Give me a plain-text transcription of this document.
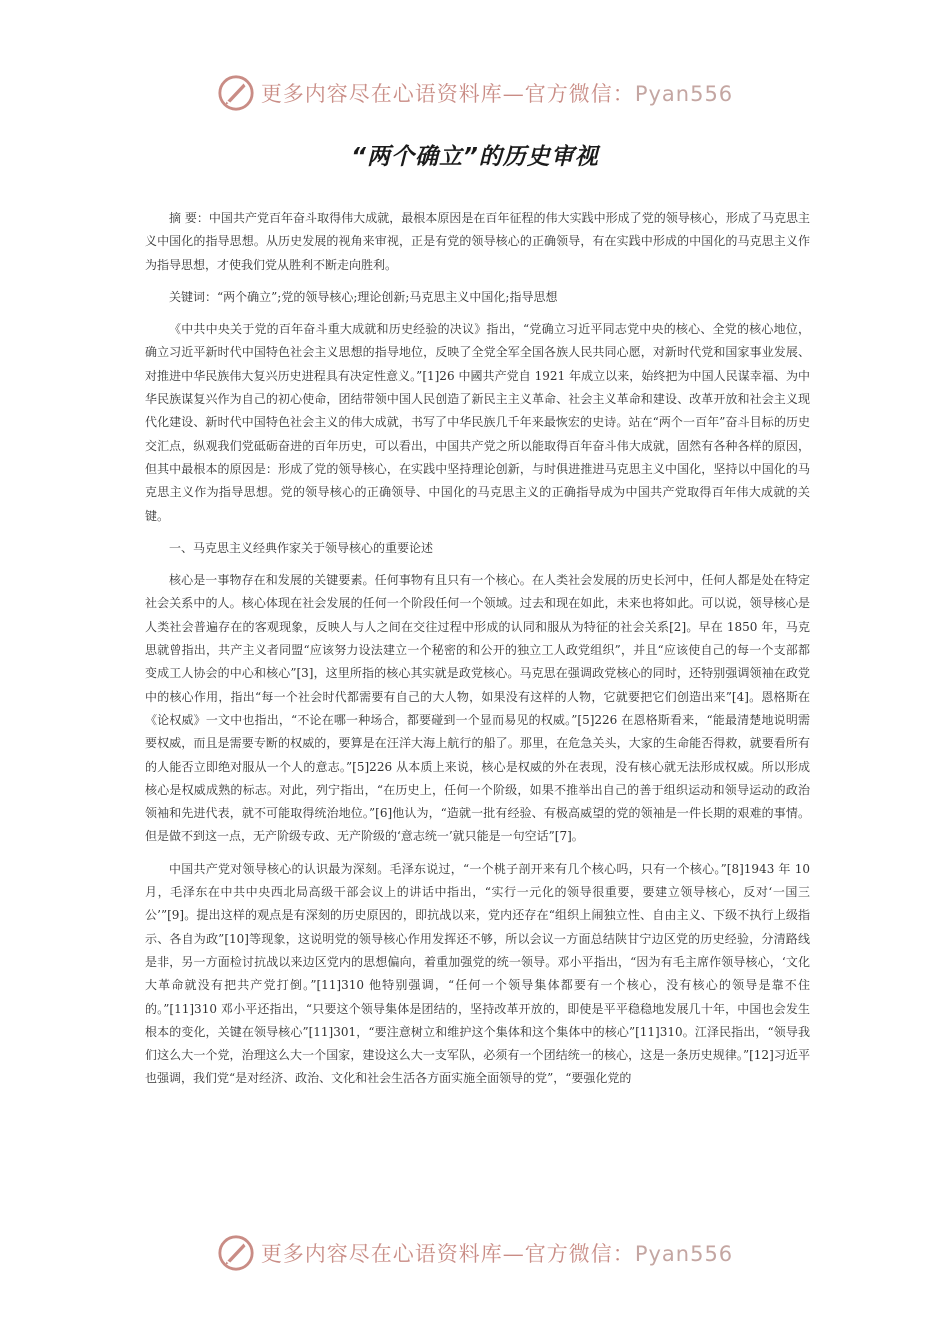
更多内容尽在心语资料库—官方微信：Pyan556
“两个确立”的历史审视

摘 要：中国共产党百年奋斗取得伟大成就，最根本原因是在百年征程的伟大实践中形成了党的领导核心，形成了马克思主义中国化的指导思想。从历史发展的视角来审视，正是有党的领导核心的正确领导，有在实践中形成的中国化的马克思主义作为指导思想，才使我们党从胜利不断走向胜利。

关键词：“两个确立”;党的领导核心;理论创新;马克思主义中国化;指导思想

《中共中央关于党的百年奋斗重大成就和历史经验的决议》指出，“党确立习近平同志党中央的核心、全党的核心地位，确立习近平新时代中国特色社会主义思想的指导地位，反映了全党全军全国各族人民共同心愿，对新时代党和国家事业发展、对推进中华民族伟大复兴历史进程具有决定性意义。”[1]26 中國共产党自 1921 年成立以来，始终把为中国人民谋幸福、为中华民族谋复兴作为自己的初心使命，团结带领中国人民创造了新民主主义革命、社会主义革命和建设、改革开放和社会主义现代化建设、新时代中国特色社会主义的伟大成就，书写了中华民族几千年来最恢宏的史诗。站在“两个一百年”奋斗目标的历史交汇点，纵观我们党砥砺奋进的百年历史，可以看出，中国共产党之所以能取得百年奋斗伟大成就，固然有各种各样的原因，但其中最根本的原因是：形成了党的领导核心，在实践中坚持理论创新，与时俱进推进马克思主义中国化，坚持以中国化的马克思主义作为指导思想。党的领导核心的正确领导、中国化的马克思主义的正确指导成为中国共产党取得百年伟大成就的关键。

一、马克思主义经典作家关于领导核心的重要论述

核心是一事物存在和发展的关键要素。任何事物有且只有一个核心。在人类社会发展的历史长河中，任何人都是处在特定社会关系中的人。核心体现在社会发展的任何一个阶段任何一个领域。过去和现在如此，未来也将如此。可以说，领导核心是人类社会普遍存在的客观现象，反映人与人之间在交往过程中形成的认同和服从为特征的社会关系[2]。早在 1850 年，马克思就曾指出，共产主义者同盟“应该努力设法建立一个秘密的和公开的独立工人政党组织”，并且“应该使自己的每一个支部都变成工人协会的中心和核心”[3]，这里所指的核心其实就是政党核心。马克思在强调政党核心的同时，还特别强调领袖在政党中的核心作用，指出“每一个社会时代都需要有自己的大人物，如果没有这样的人物，它就要把它们创造出来”[4]。恩格斯在《论权威》一文中也指出，“不论在哪一种场合，都要碰到一个显而易见的权威。”[5]226 在恩格斯看来，“能最清楚地说明需要权威，而且是需要专断的权威的，要算是在汪洋大海上航行的船了。那里，在危急关头，大家的生命能否得救，就要看所有的人能否立即绝对服从一个人的意志。”[5]226 从本质上来说，核心是权威的外在表现，没有核心就无法形成权威。所以形成核心是权威成熟的标志。对此，列宁指出，“在历史上，任何一个阶级，如果不推举出自己的善于组织运动和领导运动的政治领袖和先进代表，就不可能取得统治地位。”[6]他认为，“造就一批有经验、有极高威望的党的领袖是一件长期的艰难的事情。但是做不到这一点，无产阶级专政、无产阶级的‘意志统一’就只能是一句空话”[7]。

中国共产党对领导核心的认识最为深刻。毛泽东说过，“一个桃子剖开来有几个核心吗，只有一个核心。”[8]1943 年 10 月，毛泽东在中共中央西北局高级干部会议上的讲话中指出，“实行一元化的领导很重要，要建立领导核心，反对‘一国三公’”[9]。提出这样的观点是有深刻的历史原因的，即抗战以来，党内还存在“组织上闹独立性、自由主义、下级不执行上级指示、各自为政”[10]等现象，这说明党的领导核心作用发挥还不够，所以会议一方面总结陕甘宁边区党的历史经验，分清路线是非，另一方面检讨抗战以来边区党内的思想偏向，着重加强党的统一领导。邓小平指出，“因为有毛主席作领导核心，‘文化大革命就没有把共产党打倒。”[11]310 他特别强调，“任何一个领导集体都要有一个核心，没有核心的领导是靠不住的。”[11]310 邓小平还指出，“只要这个领导集体是团结的，坚持改革开放的，即使是平平稳稳地发展几十年，中国也会发生根本的变化，关键在领导核心”[11]301，“要注意树立和维护这个集体和这个集体中的核心”[11]310。江泽民指出，“领导我们这么大一个党，治理这么大一个国家，建设这么大一支军队，必须有一个团结统一的核心，这是一条历史规律。”[12]习近平也强调，我们党“是对经济、政治、文化和社会生活各方面实施全面领导的党”，“要强化党的

更多内容尽在心语资料库—官方微信：Pyan556
